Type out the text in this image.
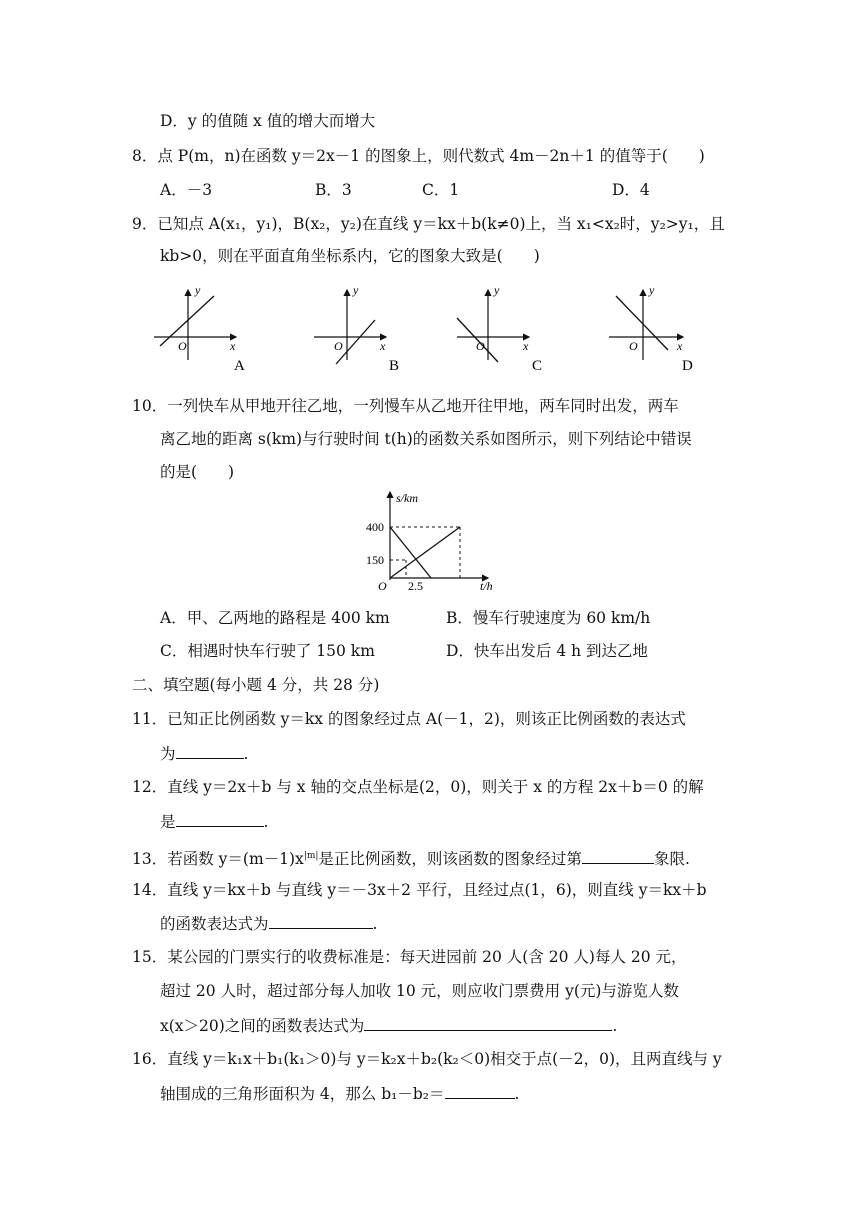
D．y 的值随 x 值的增大而增大
8．点 P(m，n)在函数 y＝2x－1 的图象上，则代数式 4m－2n＋1 的值等于(　　)
A．－3	B．3	C．1	D．4
9．已知点 A(x₁，y₁)，B(x₂，y₂)在直线 y＝kx＋b(k≠0)上，当 x₁<x₂时，y₂>y₁，且
kb>0，则在平面直角坐标系内，它的图象大致是(　　)
y
x
O
A
y
x
O
B
y
x
O
C
y
x
O
D
10．一列快车从甲地开往乙地，一列慢车从乙地开往甲地，两车同时出发，两车
离乙地的距离 s(km)与行驶时间 t(h)的函数关系如图所示，则下列结论中错误
的是(　　)
s/km
t/h
O
400
150
2.5
A．甲、乙两地的路程是 400 km	B．慢车行驶速度为 60 km/h
C．相遇时快车行驶了 150 km	D．快车出发后 4 h 到达乙地
二、填空题(每小题 4 分，共 28 分)
11．已知正比例函数 y＝kx 的图象经过点 A(－1，2)，则该正比例函数的表达式
为	.
12．直线 y＝2x＋b 与 x 轴的交点坐标是(2，0)，则关于 x 的方程 2x＋b＝0 的解
是	.
13．若函数 $y=(m-1)x^{|m|}$是正比例函数，则该函数的图象经过第	象限.
14．直线 y＝kx＋b 与直线 y＝－3x＋2 平行，且经过点(1，6)，则直线 y＝kx＋b
的函数表达式为	.
15．某公园的门票实行的收费标准是：每天进园前 20 人(含 20 人)每人 20 元，
超过 20 人时，超过部分每人加收 10 元，则应收门票费用 y(元)与游览人数
x(x＞20)之间的函数表达式为	.
16．直线 y＝k₁x＋b₁(k₁＞0)与 y＝k₂x＋b₂(k₂＜0)相交于点(－2，0)，且两直线与 y
轴围成的三角形面积为 4，那么 b₁－b₂＝	.
